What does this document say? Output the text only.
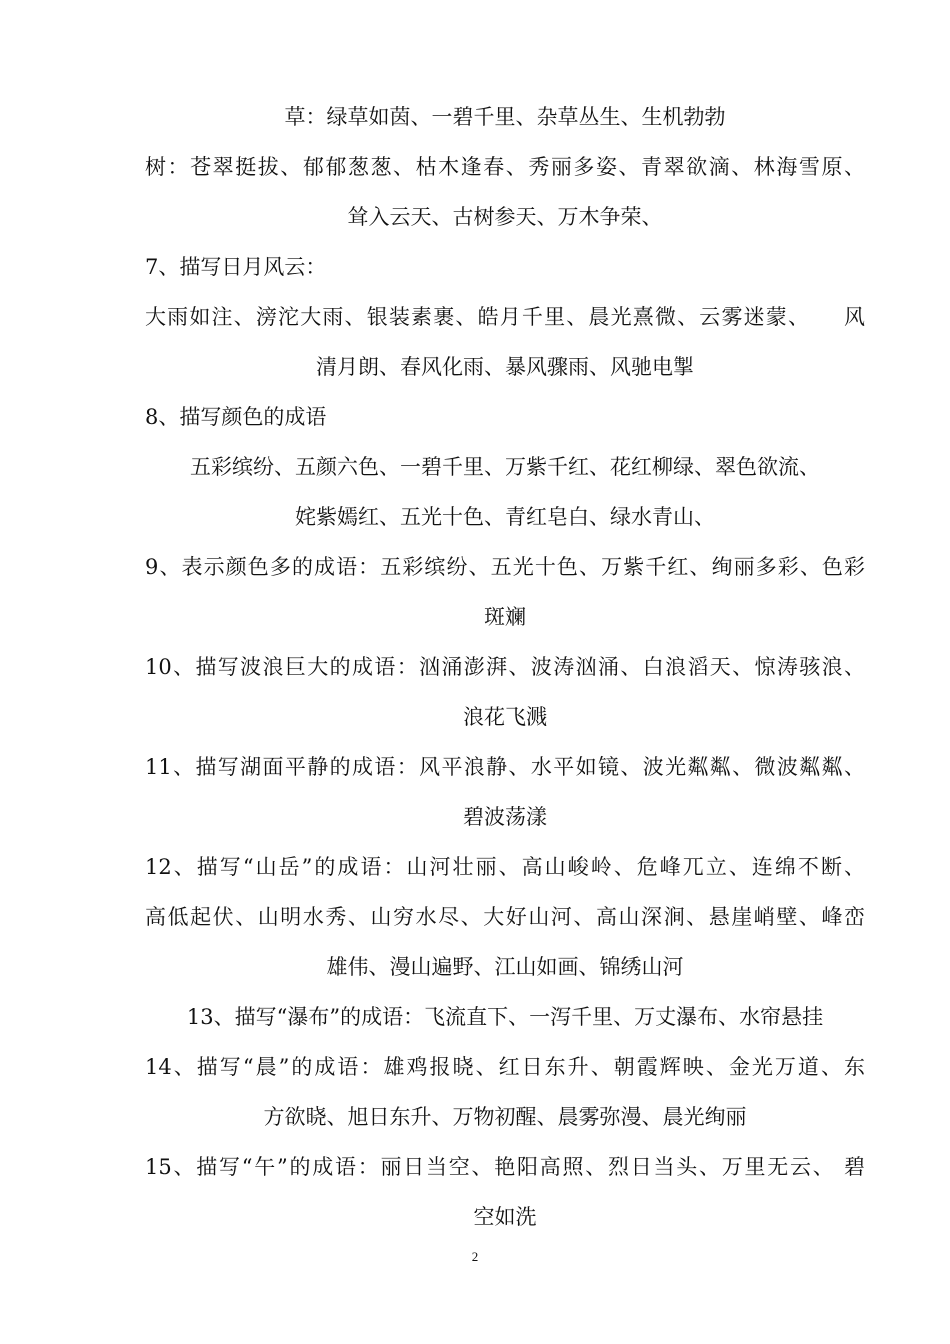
草：绿草如茵、一碧千里、杂草丛生、生机勃勃
树：苍翠挺拔、郁郁葱葱、枯木逢春、秀丽多姿、青翠欲滴、林海雪原、
耸入云天、古树参天、万木争荣、
7、描写日月风云：
大雨如注、滂沱大雨、银装素裹、皓月千里、晨光熹微、云雾迷蒙、　　风
清月朗、春风化雨、暴风骤雨、风驰电掣
8、描写颜色的成语
五彩缤纷、五颜六色、一碧千里、万紫千红、花红柳绿、翠色欲流、
姹紫嫣红、五光十色、青红皂白、绿水青山、
9、表示颜色多的成语：五彩缤纷、五光十色、万紫千红、绚丽多彩、色彩
斑斓
10、描写波浪巨大的成语：汹涌澎湃、波涛汹涌、白浪滔天、惊涛骇浪、
浪花飞溅
11、描写湖面平静的成语：风平浪静、水平如镜、波光粼粼、微波粼粼、
碧波荡漾
12、描写“山岳”的成语：山河壮丽、高山峻岭、危峰兀立、连绵不断、
高低起伏、山明水秀、山穷水尽、大好山河、高山深涧、悬崖峭壁、峰峦
雄伟、漫山遍野、江山如画、锦绣山河
13、描写“瀑布”的成语：飞流直下、一泻千里、万丈瀑布、水帘悬挂
14、描写“晨”的成语：雄鸡报晓、红日东升、朝霞辉映、金光万道、东
方欲晓、旭日东升、万物初醒、晨雾弥漫、晨光绚丽
15、描写“午”的成语：丽日当空、艳阳高照、烈日当头、万里无云、 碧
空如洗
2
